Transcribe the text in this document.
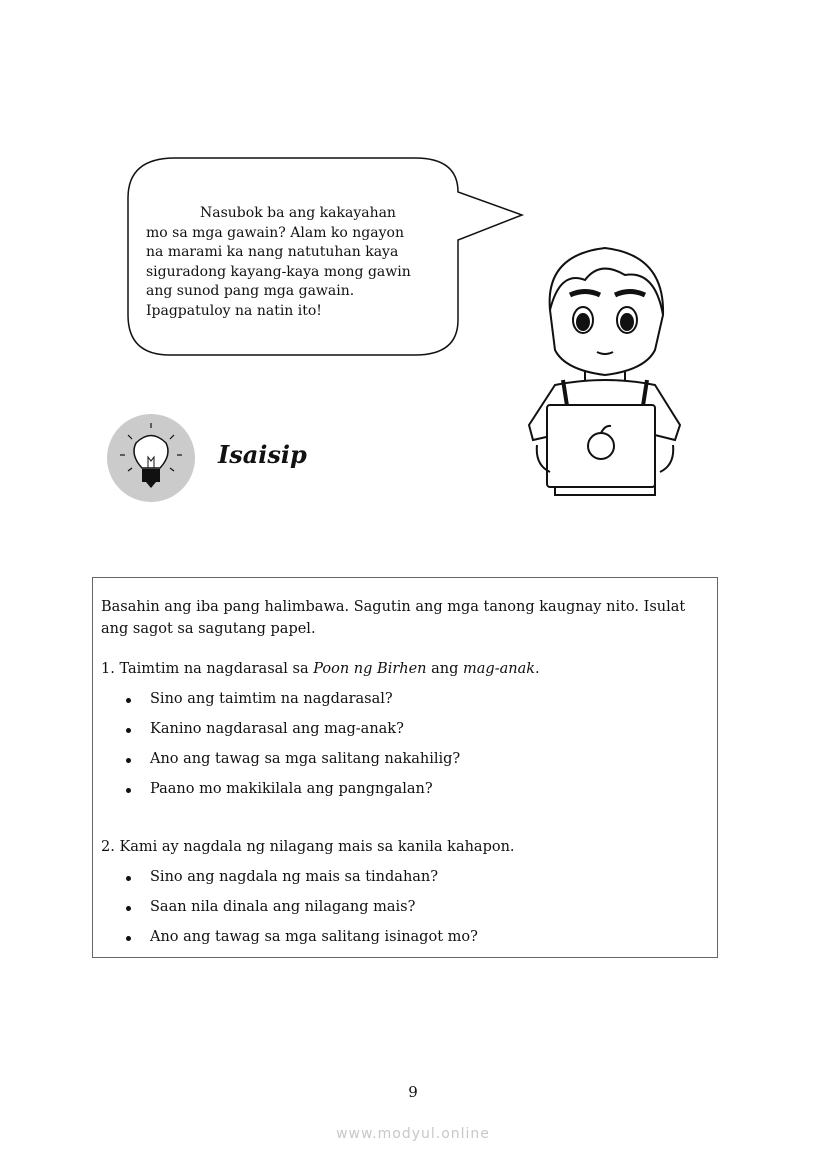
Nasubok ba ang kakayahan
mo sa mga gawain? Alam ko ngayon
na marami ka nang natutuhan kaya
siguradong kayang-kaya mong gawin
ang sunod pang mga gawain.
Ipagpatuloy na natin ito!
Isaisip
Basahin ang iba pang halimbawa. Sagutin ang mga tanong kaugnay nito. Isulat
ang sagot sa sagutang papel.
1. Taimtim na nagdarasal sa Poon ng Birhen ang mag-anak.
Sino ang taimtim na nagdarasal?
Kanino nagdarasal ang mag-anak?
Ano ang tawag sa mga salitang nakahilig?
Paano mo makikilala ang pangngalan?
2. Kami ay nagdala ng nilagang mais sa kanila kahapon.
Sino ang nagdala ng mais sa tindahan?
Saan nila dinala ang nilagang mais?
Ano ang tawag sa mga salitang isinagot mo?
9
www.modyul.online
